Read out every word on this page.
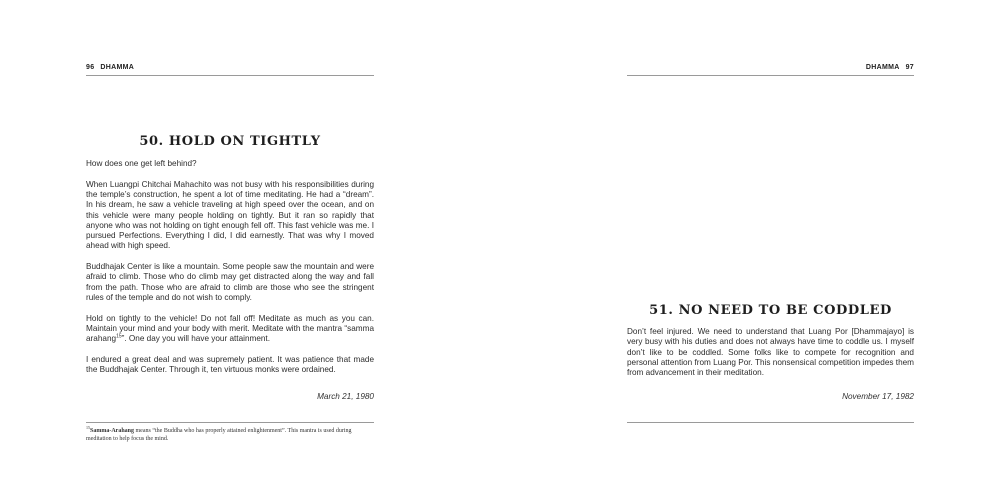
96 DHAMMA
50. HOLD ON TIGHTLY

How does one get left behind?

When Luangpi Chitchai Mahachito was not busy with his responsibilities during the temple’s construction, he spent a lot of time meditating. He had a “dream”. In his dream, he saw a vehicle traveling at high speed over the ocean, and on this vehicle were many people holding on tightly. But it ran so rapidly that anyone who was not holding on tight enough fell off. This fast vehicle was me. I pursued Perfections. Everything I did, I did earnestly. That was why I moved ahead with high speed.

Buddhajak Center is like a mountain. Some people saw the mountain and were afraid to climb. Those who do climb may get distracted along the way and fall from the path. Those who are afraid to climb are those who see the stringent rules of the temple and do not wish to comply.

Hold on tightly to the vehicle! Do not fall off! Meditate as much as you can. Maintain your mind and your body with merit. Meditate with the mantra “samma arahang$^{15}$”. One day you will have your attainment.

I endured a great deal and was supremely patient. It was patience that made the Buddhajak Center. Through it, ten virtuous monks were ordained.

March 21, 1980
$^{15}$Samma-Arahang means “the Buddha who has properly attained enlightenment”. This mantra is used during meditation to help focus the mind.
DHAMMA 97
51. NO NEED TO BE CODDLED

Don’t feel injured. We need to understand that Luang Por [Dhammajayo] is very busy with his duties and does not always have time to coddle us. I myself don’t like to be coddled. Some folks like to compete for recognition and personal attention from Luang Por. This nonsensical competition impedes them from advancement in their meditation.

November 17, 1982
